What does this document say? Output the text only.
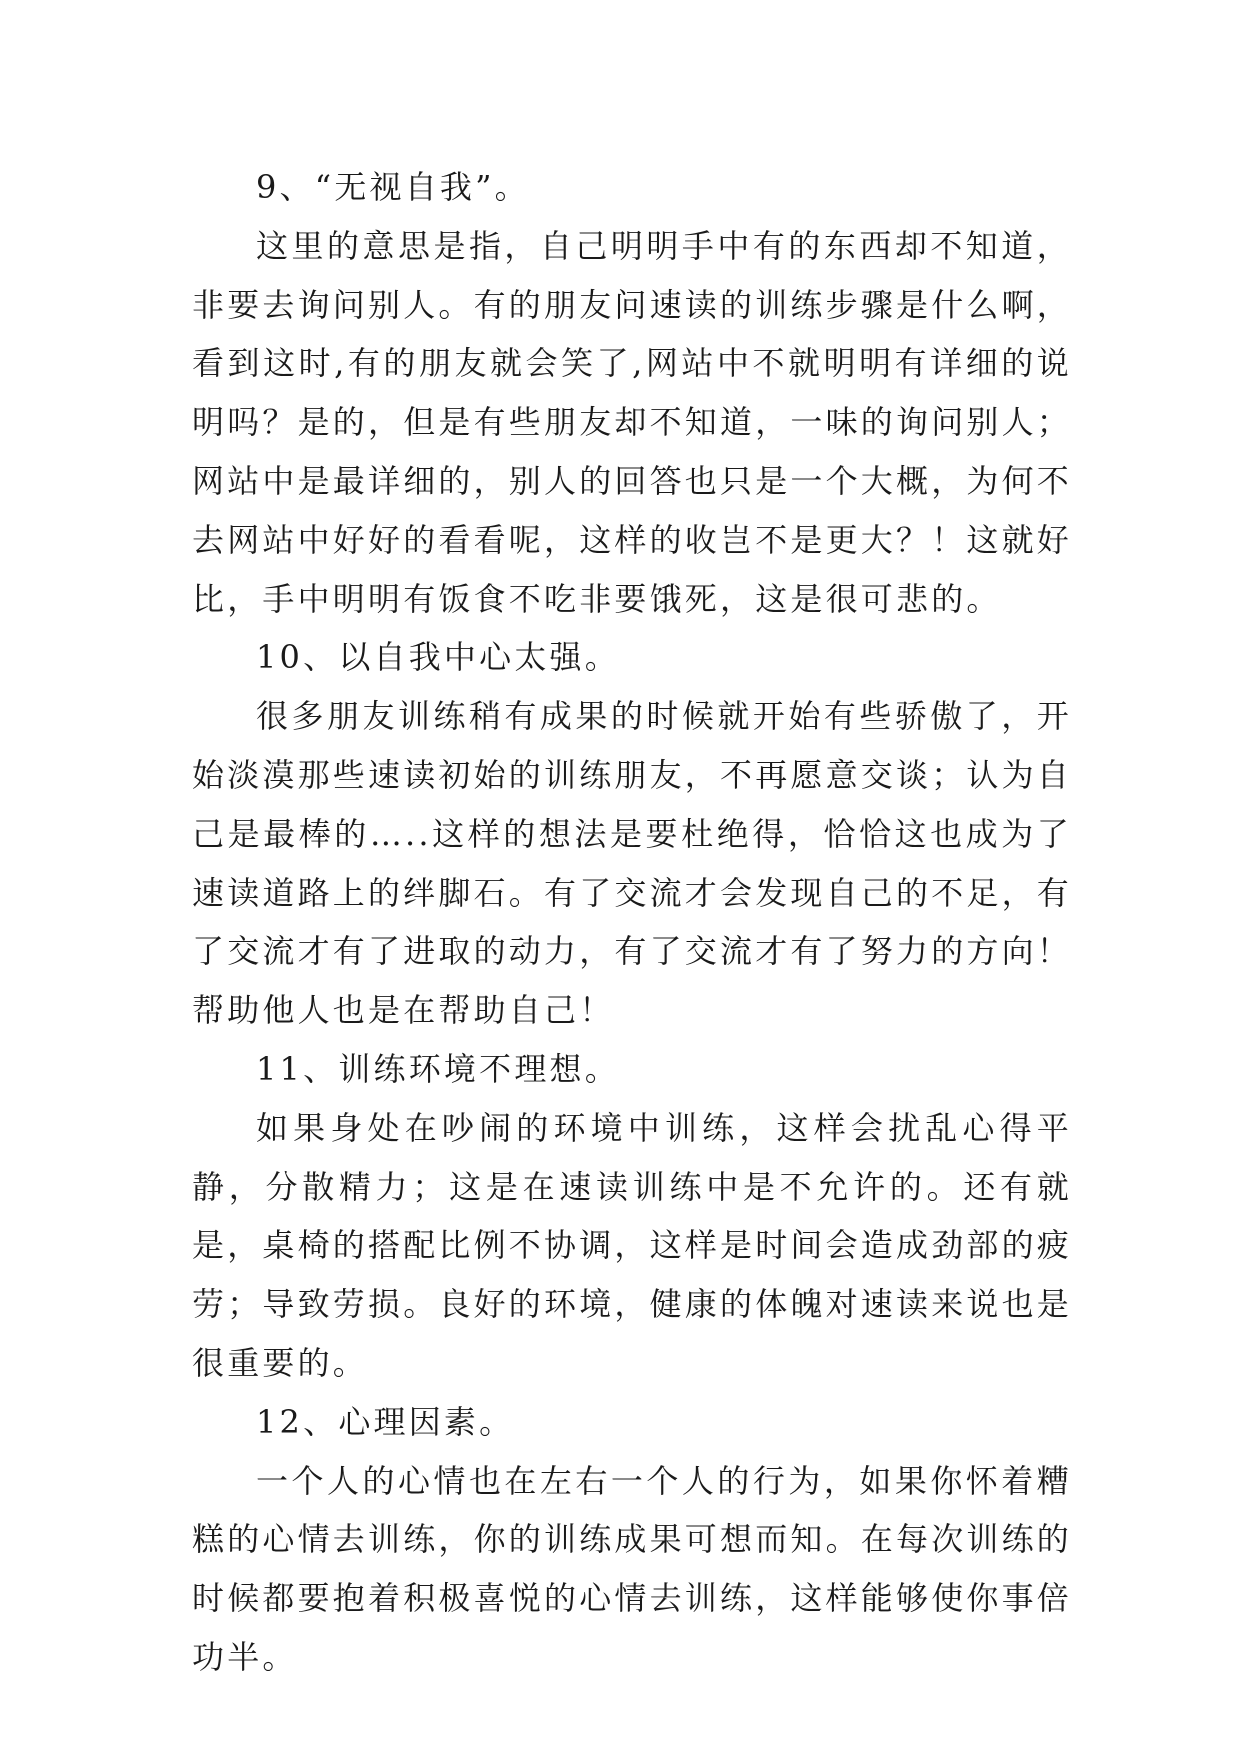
9、“无视自我”。

这里的意思是指，自己明明手中有的东西却不知道，非要去询问别人。有的朋友问速读的训练步骤是什么啊，看到这时,有的朋友就会笑了,网站中不就明明有详细的说明吗？是的，但是有些朋友却不知道，一味的询问别人；网站中是最详细的，别人的回答也只是一个大概，为何不去网站中好好的看看呢，这样的收岂不是更大？！这就好比，手中明明有饭食不吃非要饿死，这是很可悲的。

10、以自我中心太强。

很多朋友训练稍有成果的时候就开始有些骄傲了，开始淡漠那些速读初始的训练朋友，不再愿意交谈；认为自己是最棒的…..这样的想法是要杜绝得，恰恰这也成为了速读道路上的绊脚石。有了交流才会发现自己的不足，有了交流才有了进取的动力，有了交流才有了努力的方向！帮助他人也是在帮助自己！

11、训练环境不理想。

如果身处在吵闹的环境中训练，这样会扰乱心得平静，分散精力；这是在速读训练中是不允许的。还有就是，桌椅的搭配比例不协调，这样是时间会造成劲部的疲劳；导致劳损。良好的环境，健康的体魄对速读来说也是很重要的。

12、心理因素。

一个人的心情也在左右一个人的行为，如果你怀着糟糕的心情去训练，你的训练成果可想而知。在每次训练的时候都要抱着积极喜悦的心情去训练，这样能够使你事倍功半。
